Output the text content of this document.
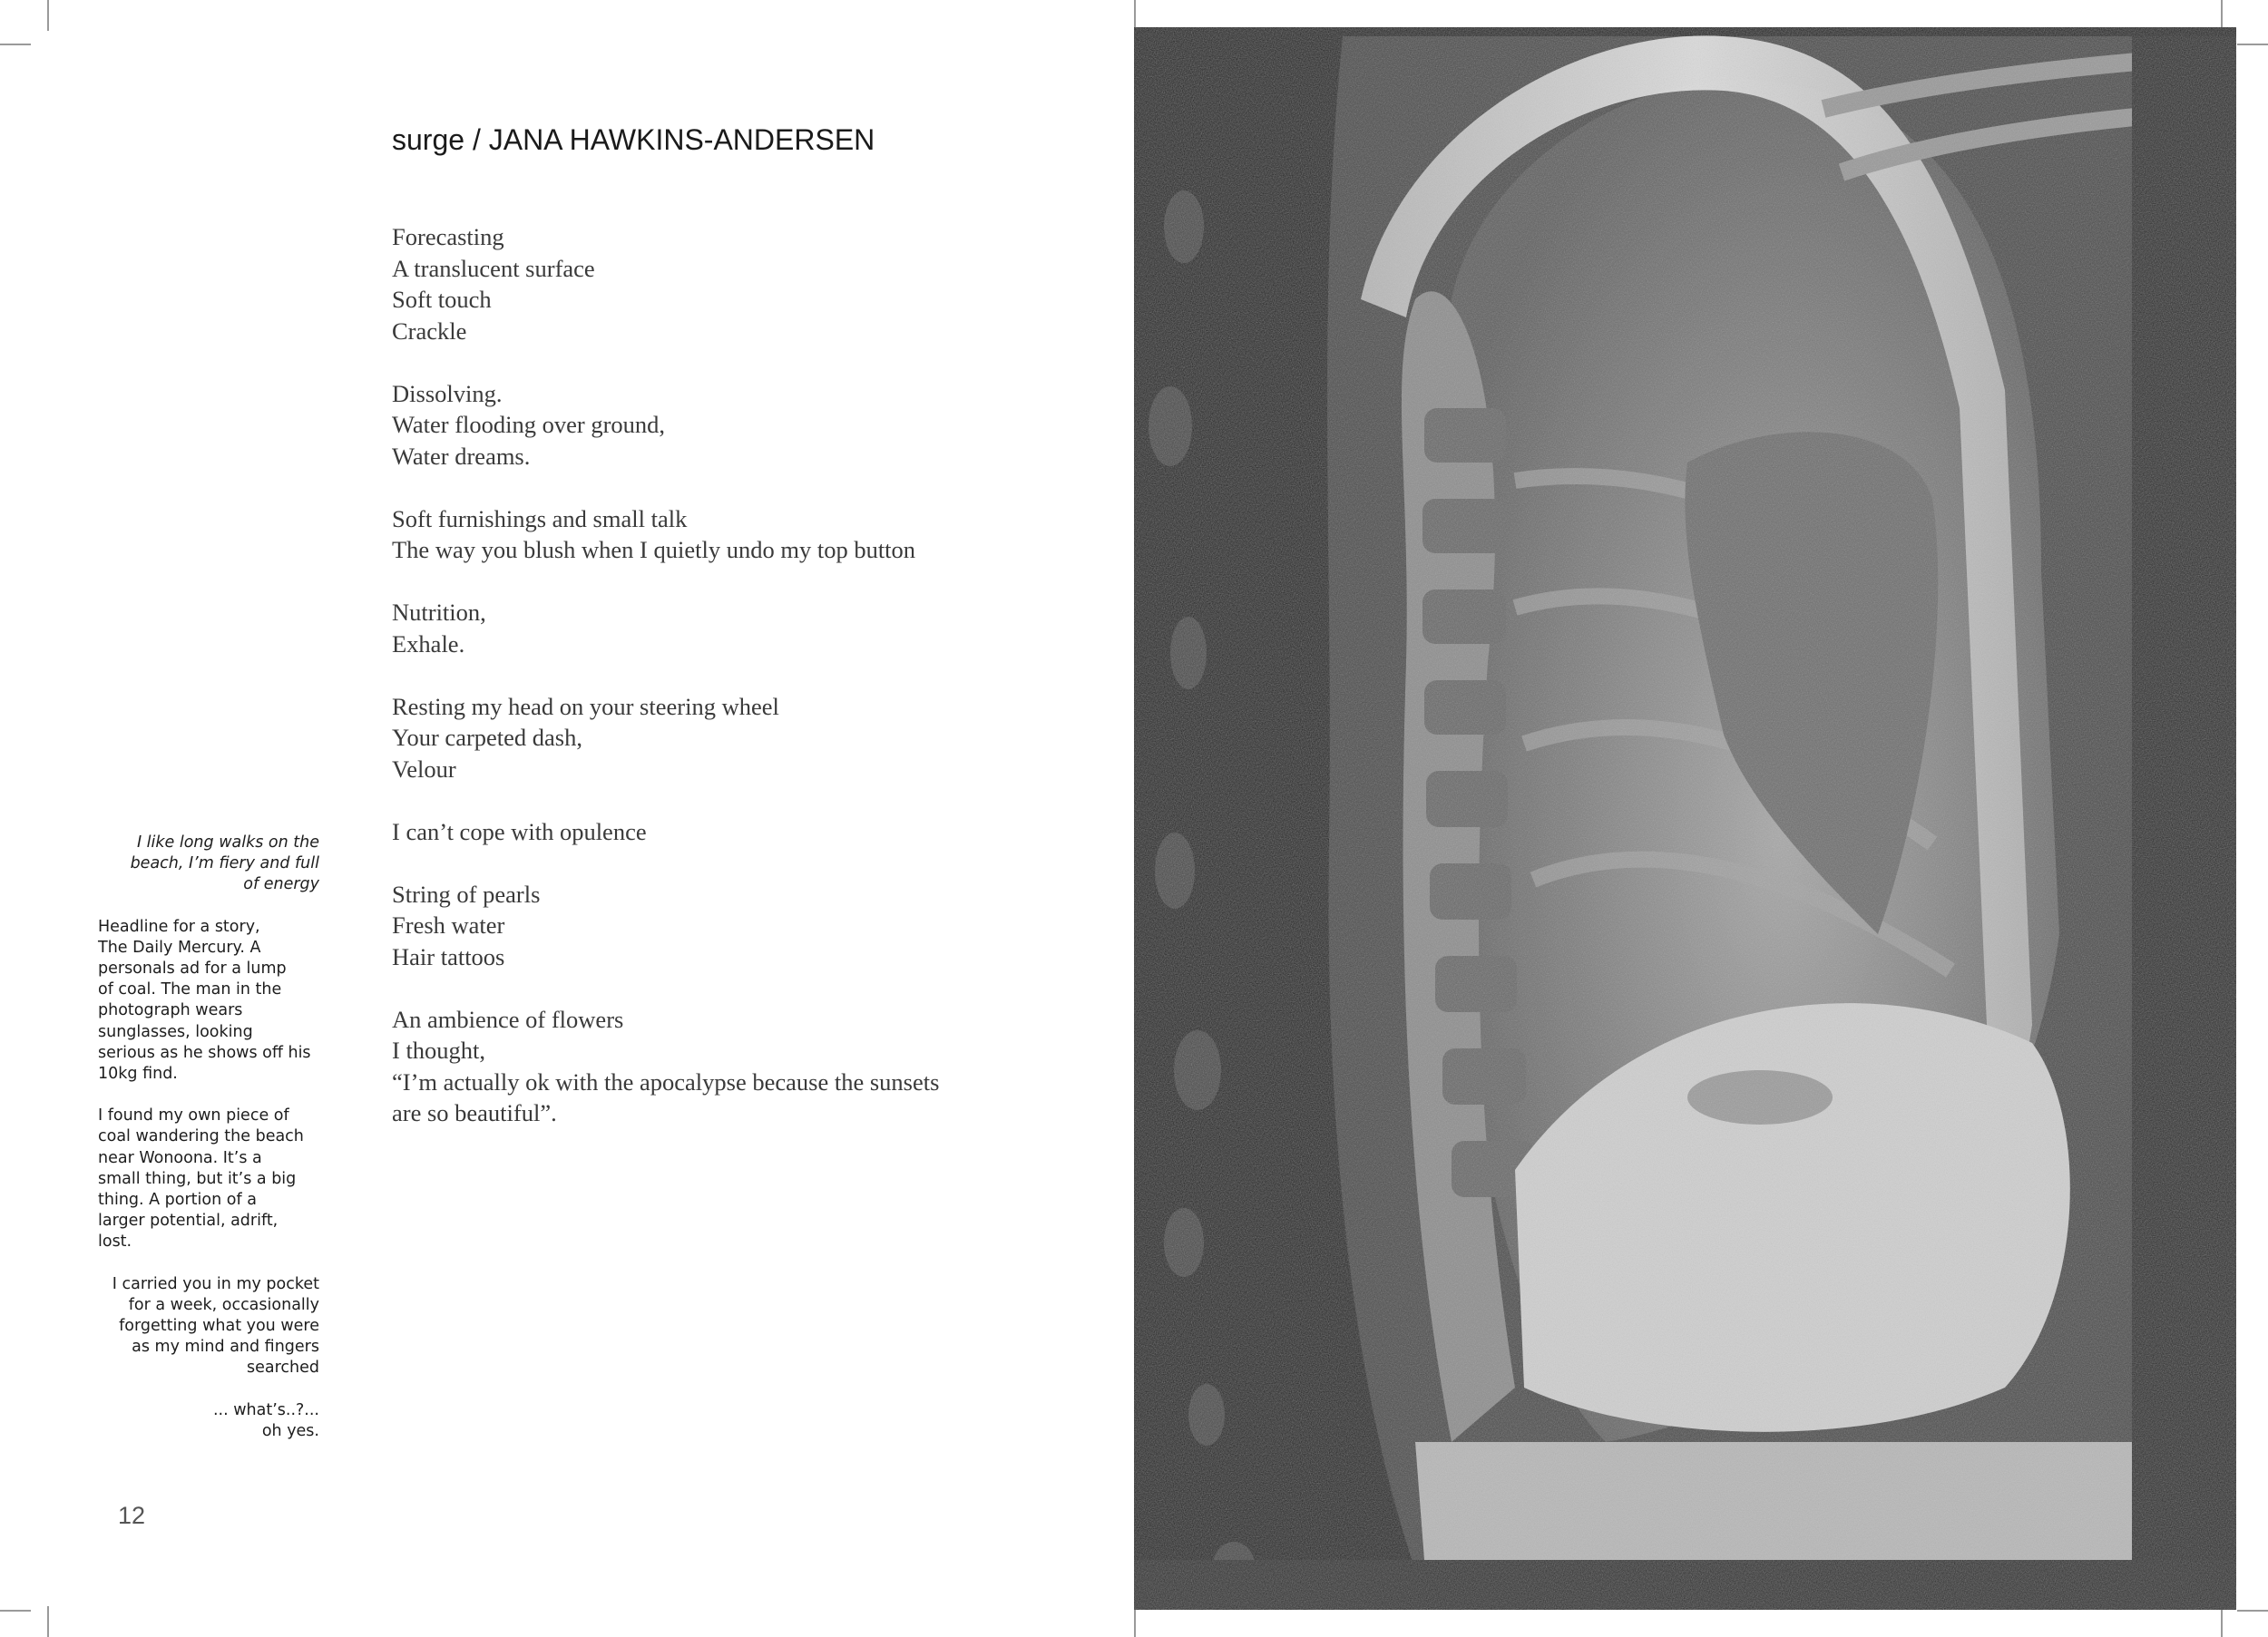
surge / JANA HAWKINS-ANDERSEN
Forecasting
A translucent surface
Soft touch
Crackle
Dissolving.
Water flooding over ground,
Water dreams.
Soft furnishings and small talk
The way you blush when I quietly undo my top button
Nutrition,
Exhale.
Resting my head on your steering wheel
Your carpeted dash,
Velour
I can’t cope with opulence
String of pearls
Fresh water
Hair tattoos
An ambience of flowers
I thought,
“I’m actually ok with the apocalypse because the sunsets
are so beautiful”.
I like long walks on the
beach, I’m fiery and full
of energy
Headline for a story,
The Daily Mercury. A
personals ad for a lump
of coal. The man in the
photograph wears
sunglasses, looking
serious as he shows off his
10kg find.
I found my own piece of
coal wandering the beach
near Wonoona. It’s a
small thing, but it’s a big
thing. A portion of a
larger potential, adrift,
lost.
I carried you in my pocket
for a week, occasionally
forgetting what you were
as my mind and fingers
searched
... what’s..?...
oh yes.
12
